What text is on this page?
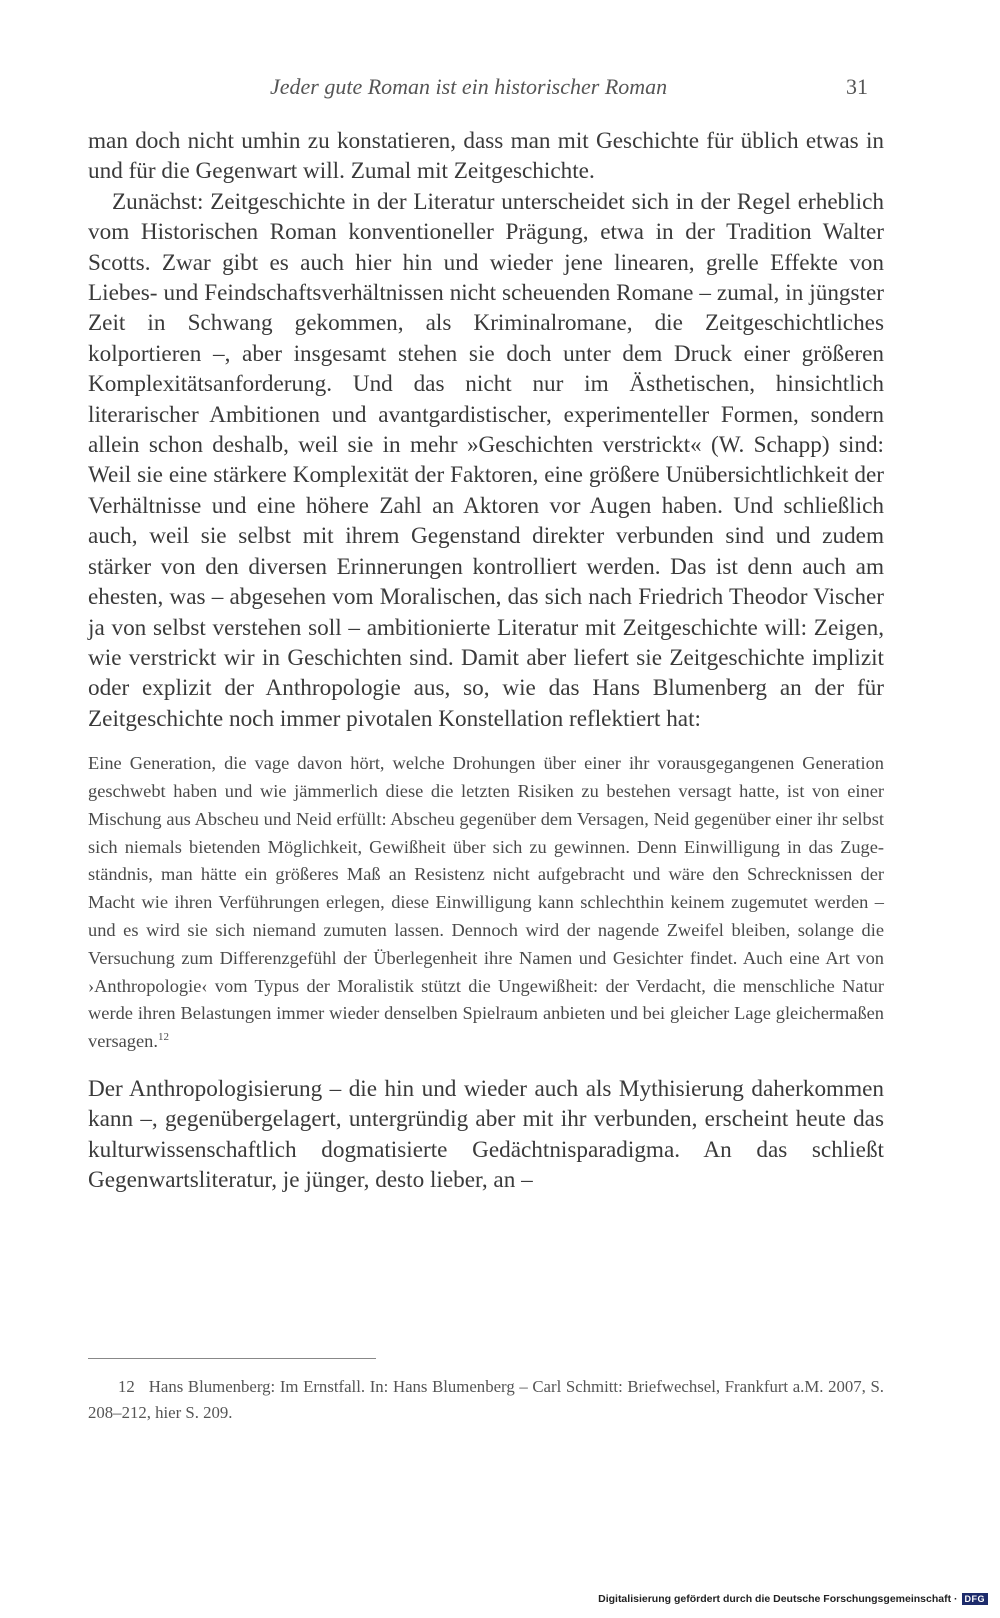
Jeder gute Roman ist ein historischer Roman	31

man doch nicht umhin zu konstatieren, dass man mit Geschichte für üblich etwas in und für die Gegenwart will. Zumal mit Zeitgeschichte.

Zunächst: Zeitgeschichte in der Literatur unterscheidet sich in der Regel erheblich vom Historischen Roman konventioneller Prägung, etwa in der Tradition Walter Scotts. Zwar gibt es auch hier hin und wieder jene linearen, grelle Effekte von Liebes- und Feindschaftsverhältnissen nicht scheuenden Romane – zumal, in jüngster Zeit in Schwang gekommen, als Kriminalromane, die Zeitgeschichtliches kolportieren –, aber insgesamt stehen sie doch unter dem Druck einer größeren Komplexitätsanforderung. Und das nicht nur im Ästhetischen, hinsichtlich literarischer Ambitionen und avantgardistischer, experimenteller Formen, sondern allein schon deshalb, weil sie in mehr »Geschichten verstrickt« (W. Schapp) sind: Weil sie eine stärkere Komplexität der Faktoren, eine größere Unübersichtlichkeit der Verhältnisse und eine höhere Zahl an Aktoren vor Augen haben. Und schließlich auch, weil sie selbst mit ihrem Gegenstand direkter verbunden sind und zudem stärker von den diversen Erinnerungen kontrolliert werden. Das ist denn auch am ehesten, was – abgesehen vom Moralischen, das sich nach Friedrich Theodor Vischer ja von selbst verstehen soll – ambitionierte Literatur mit Zeitgeschichte will: Zeigen, wie verstrickt wir in Geschichten sind. Damit aber liefert sie Zeitgeschichte implizit oder explizit der Anthropologie aus, so, wie das Hans Blumenberg an der für Zeitgeschichte noch immer pivotalen Konstellation reflektiert hat:

Eine Generation, die vage davon hört, welche Drohungen über einer ihr vorausgegangenen Generation geschwebt haben und wie jämmerlich diese die letzten Risiken zu bestehen versagt hatte, ist von einer Mischung aus Abscheu und Neid erfüllt: Abscheu gegenüber dem Versagen, Neid gegenüber einer ihr selbst sich niemals bietenden Möglichkeit, Gewißheit über sich zu gewinnen. Denn Einwilligung in das Zugeständnis, man hätte ein größeres Maß an Resistenz nicht aufgebracht und wäre den Schrecknissen der Macht wie ihren Verführungen erlegen, diese Einwilligung kann schlechthin keinem zugemutet werden – und es wird sie sich niemand zumuten lassen. Dennoch wird der nagende Zweifel bleiben, solange die Versuchung zum Differenzgefühl der Überlegenheit ihre Namen und Gesichter findet. Auch eine Art von ›Anthropologie‹ vom Typus der Moralistik stützt die Ungewißheit: der Verdacht, die menschliche Natur werde ihren Belastungen immer wieder denselben Spielraum anbieten und bei gleicher Lage gleichermaßen versagen.$^{12}$

Der Anthropologisierung – die hin und wieder auch als Mythisierung daherkommen kann –, gegenübergelagert, untergründig aber mit ihr verbunden, erscheint heute das kulturwissenschaftlich dogmatisierte Gedächtnisparadigma. An das schließt Gegenwartsliteratur, je jünger, desto lieber, an –

12 Hans Blumenberg: Im Ernstfall. In: Hans Blumenberg – Carl Schmitt: Briefwechsel, Frankfurt a.M. 2007, S. 208–212, hier S. 209.
Digitalisierung gefördert durch die Deutsche Forschungsgemeinschaft · DFG
